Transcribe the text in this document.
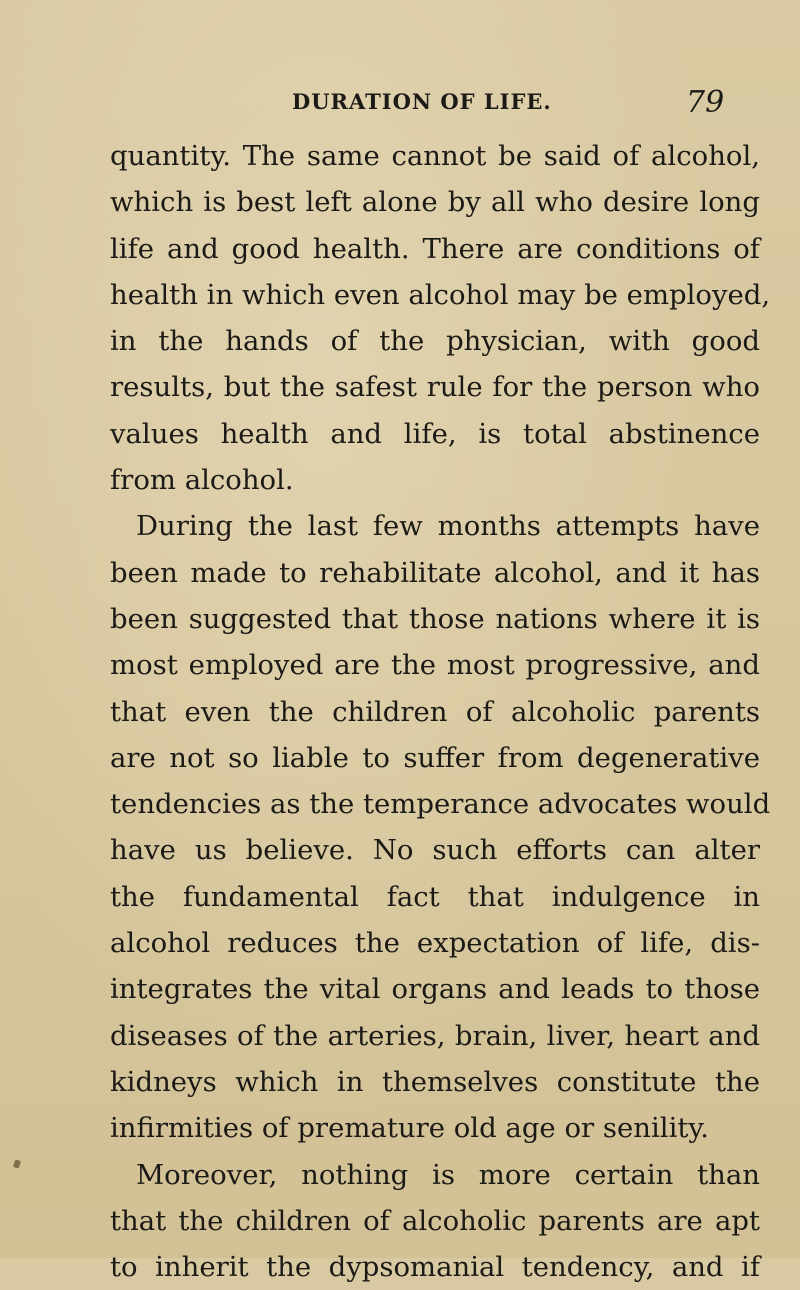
DURATION OF LIFE.	79
quantity. The same cannot be said of alcohol,
which is best left alone by all who desire long
life and good health. There are conditions of
health in which even alcohol may be employed,
in the hands of the physician, with good
results, but the safest rule for the person who
values health and life, is total abstinence
from alcohol.
During the last few months attempts have
been made to rehabilitate alcohol, and it has
been suggested that those nations where it is
most employed are the most progressive, and
that even the children of alcoholic parents
are not so liable to suffer from degenerative
tendencies as the temperance advocates would
have us believe. No such efforts can alter
the fundamental fact that indulgence in
alcohol reduces the expectation of life, dis-
integrates the vital organs and leads to those
diseases of the arteries, brain, liver, heart and
kidneys which in themselves constitute the
infirmities of premature old age or senility.
Moreover, nothing is more certain than
that the children of alcoholic parents are apt
to inherit the dypsomanial tendency, and if
